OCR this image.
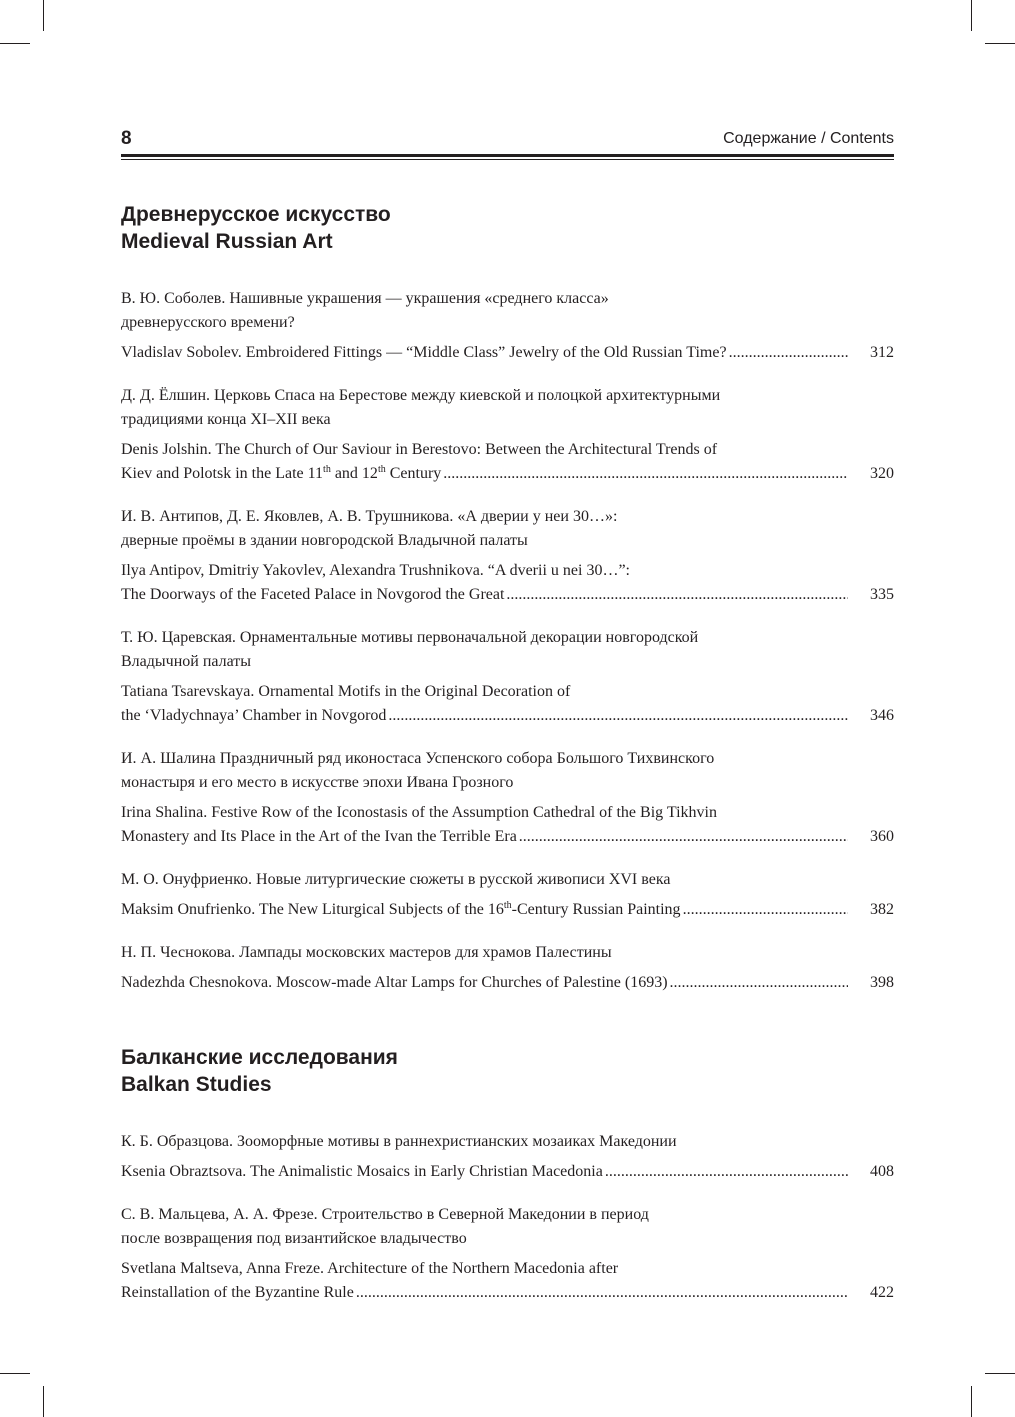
8	Содержание / Contents
Древнерусское искусство
Medieval Russian Art

В. Ю. Соболев. Нашивные украшения — украшения «среднего класса»
древнерусского времени?

Vladislav Sobolev. Embroidered Fittings — “Middle Class” Jewelry of the Old Russian Time? .....	312

Д. Д. Ёлшин. Церковь Спаса на Берестове между киевской и полоцкой архитектурными
традициями конца XI–XII века

Denis Jolshin. The Church of Our Saviour in Berestovo: Between the Architectural Trends of
Kiev and Polotsk in the Late 11th and 12th Century .....	320

И. В. Антипов, Д. Е. Яковлев, А. В. Трушникова. «А дверии у неи 30…»:
дверные проёмы в здании новгородской Владычной палаты

Ilya Antipov, Dmitriy Yakovlev, Alexandra Trushnikova. “A dverii u nei 30…”:
The Doorways of the Faceted Palace in Novgorod the Great .....	335

Т. Ю. Царевская. Орнаментальные мотивы первоначальной декорации новгородской
Владычной палаты

Tatiana Tsarevskaya. Ornamental Motifs in the Original Decoration of
the ‘Vladychnaya’ Chamber in Novgorod .....	346

И. А. Шалина Праздничный ряд иконостаса Успенского собора Большого Тихвинского
монастыря и его место в искусстве эпохи Ивана Грозного

Irina Shalina. Festive Row of the Iconostasis of the Assumption Cathedral of the Big Tikhvin
Monastery and Its Place in the Art of the Ivan the Terrible Era .....	360

М. О. Онуфриенко. Новые литургические сюжеты в русской живописи XVI века

Maksim Onufrienko. The New Liturgical Subjects of the 16th-Century Russian Painting .....	382

Н. П. Чеснокова. Лампады московских мастеров для храмов Палестины

Nadezhda Chesnokova. Moscow-made Altar Lamps for Churches of Palestine (1693) .....	398
Балканские исследования
Balkan Studies

К. Б. Образцова. Зооморфные мотивы в раннехристианских мозаиках Македонии

Ksenia Obraztsova. The Animalistic Mosaics in Early Christian Macedonia .....	408

С. В. Мальцева, А. А. Фрезе. Строительство в Северной Македонии в период
после возвращения под византийское владычество

Svetlana Maltseva, Anna Freze. Architecture of the Northern Macedonia after
Reinstallation of the Byzantine Rule .....	422
